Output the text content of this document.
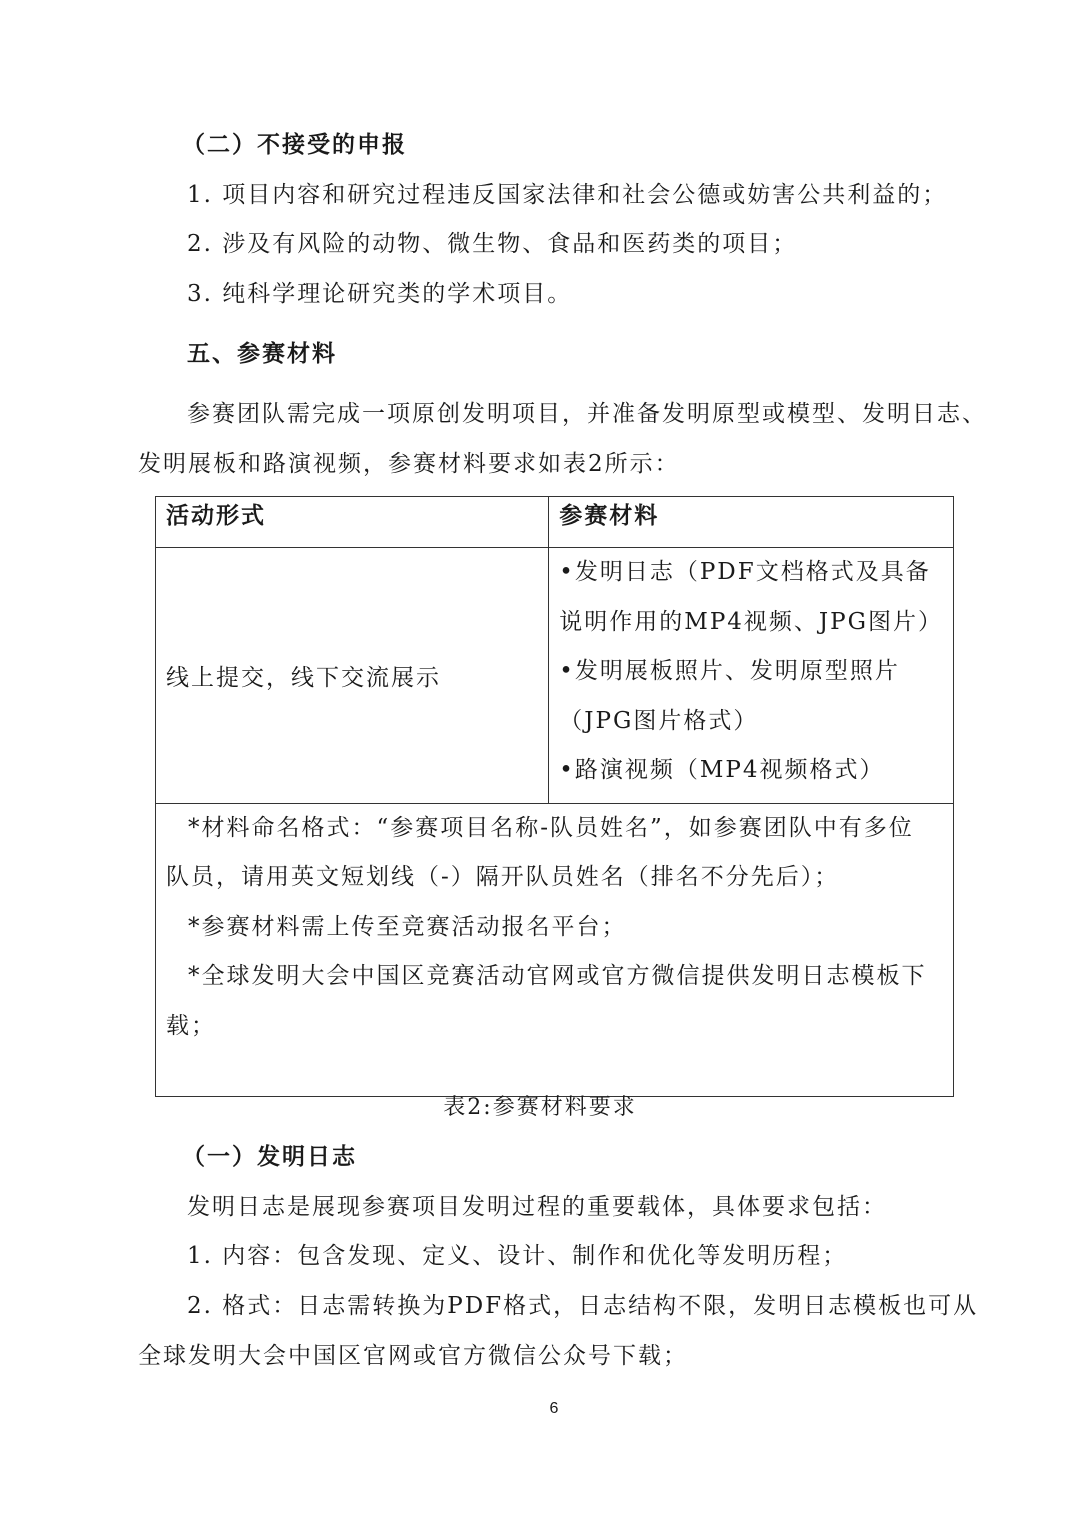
（二）不接受的申报
1. 项目内容和研究过程违反国家法律和社会公德或妨害公共利益的；
2. 涉及有风险的动物、微生物、食品和医药类的项目；
3. 纯科学理论研究类的学术项目。
五、参赛材料
参赛团队需完成一项原创发明项目，并准备发明原型或模型、发明日志、
发明展板和路演视频，参赛材料要求如表2所示：
活动形式	参赛材料
线上提交，线下交流展示	•发明日志（PDF文档格式及具备
说明作用的MP4视频、JPG图片）
•发明展板照片、发明原型照片
（JPG图片格式）
•路演视频（MP4视频格式）

*材料命名格式：“参赛项目名称-队员姓名”，如参赛团队中有多位
队员，请用英文短划线（-）隔开队员姓名（排名不分先后）；
*参赛材料需上传至竞赛活动报名平台；
*全球发明大会中国区竞赛活动官网或官方微信提供发明日志模板下
载；	
表2:参赛材料要求
（一）发明日志
发明日志是展现参赛项目发明过程的重要载体，具体要求包括：
1. 内容：包含发现、定义、设计、制作和优化等发明历程；
2. 格式：日志需转换为PDF格式，日志结构不限，发明日志模板也可从
全球发明大会中国区官网或官方微信公众号下载；
6
